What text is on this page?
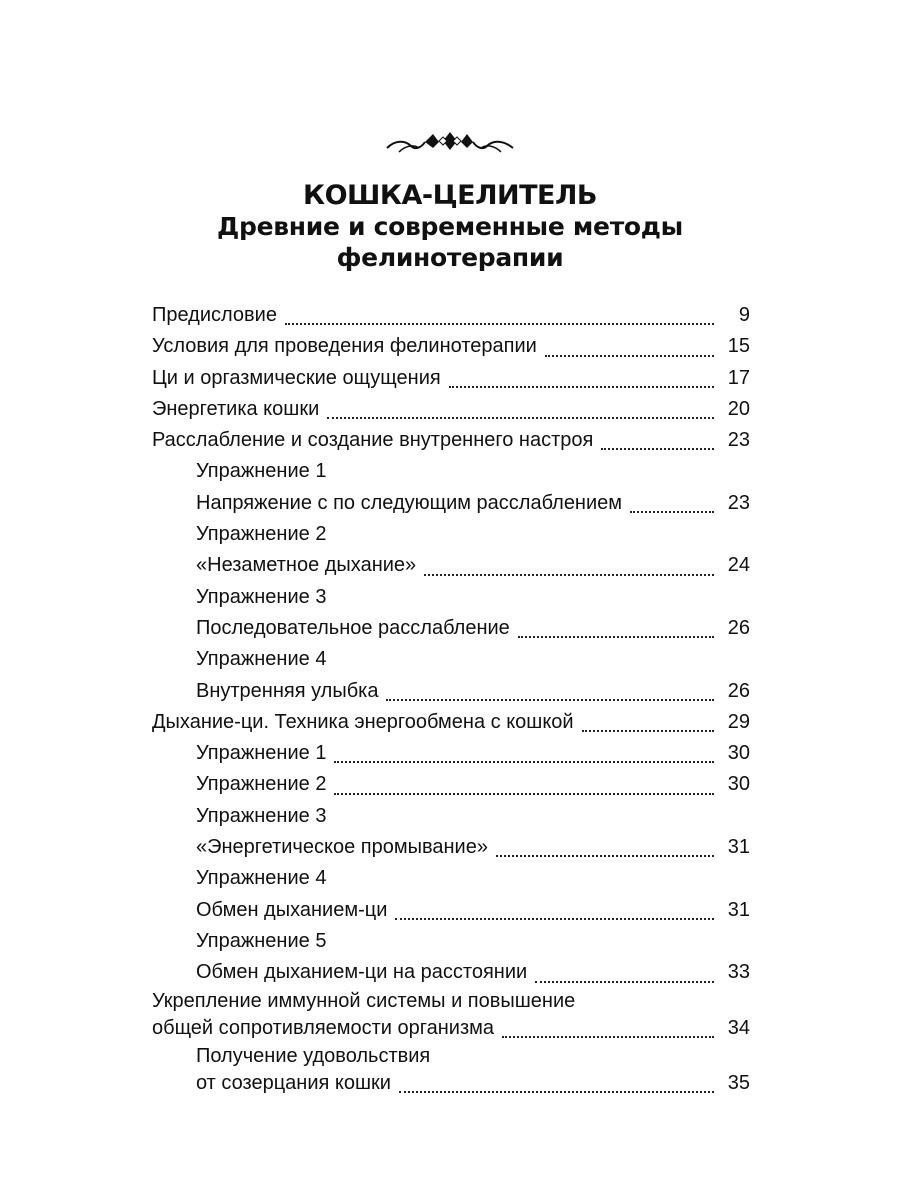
КОШКА-ЦЕЛИТЕЛЬ
Древние и современные методы
фелинотерапии
Предисловие	9
Условия для проведения фелинотерапии	15
Ци и оргазмические ощущения	17
Энергетика кошки	20
Расслабление и создание внутреннего настроя	23
Упражнение 1
Напряжение с по следующим расслаблением	23
Упражнение 2
«Незаметное дыхание»	24
Упражнение 3
Последовательное расслабление	26
Упражнение 4
Внутренняя улыбка	26
Дыхание-ци. Техника энергообмена с кошкой	29
Упражнение 1	30
Упражнение 2	30
Упражнение 3
«Энергетическое промывание»	31
Упражнение 4
Обмен дыханием-ци	31
Упражнение 5
Обмен дыханием-ци на расстоянии	33
Укрепление иммунной системы и повышение
общей сопротивляемости организма	34
Получение удовольствия
от созерцания кошки	35
